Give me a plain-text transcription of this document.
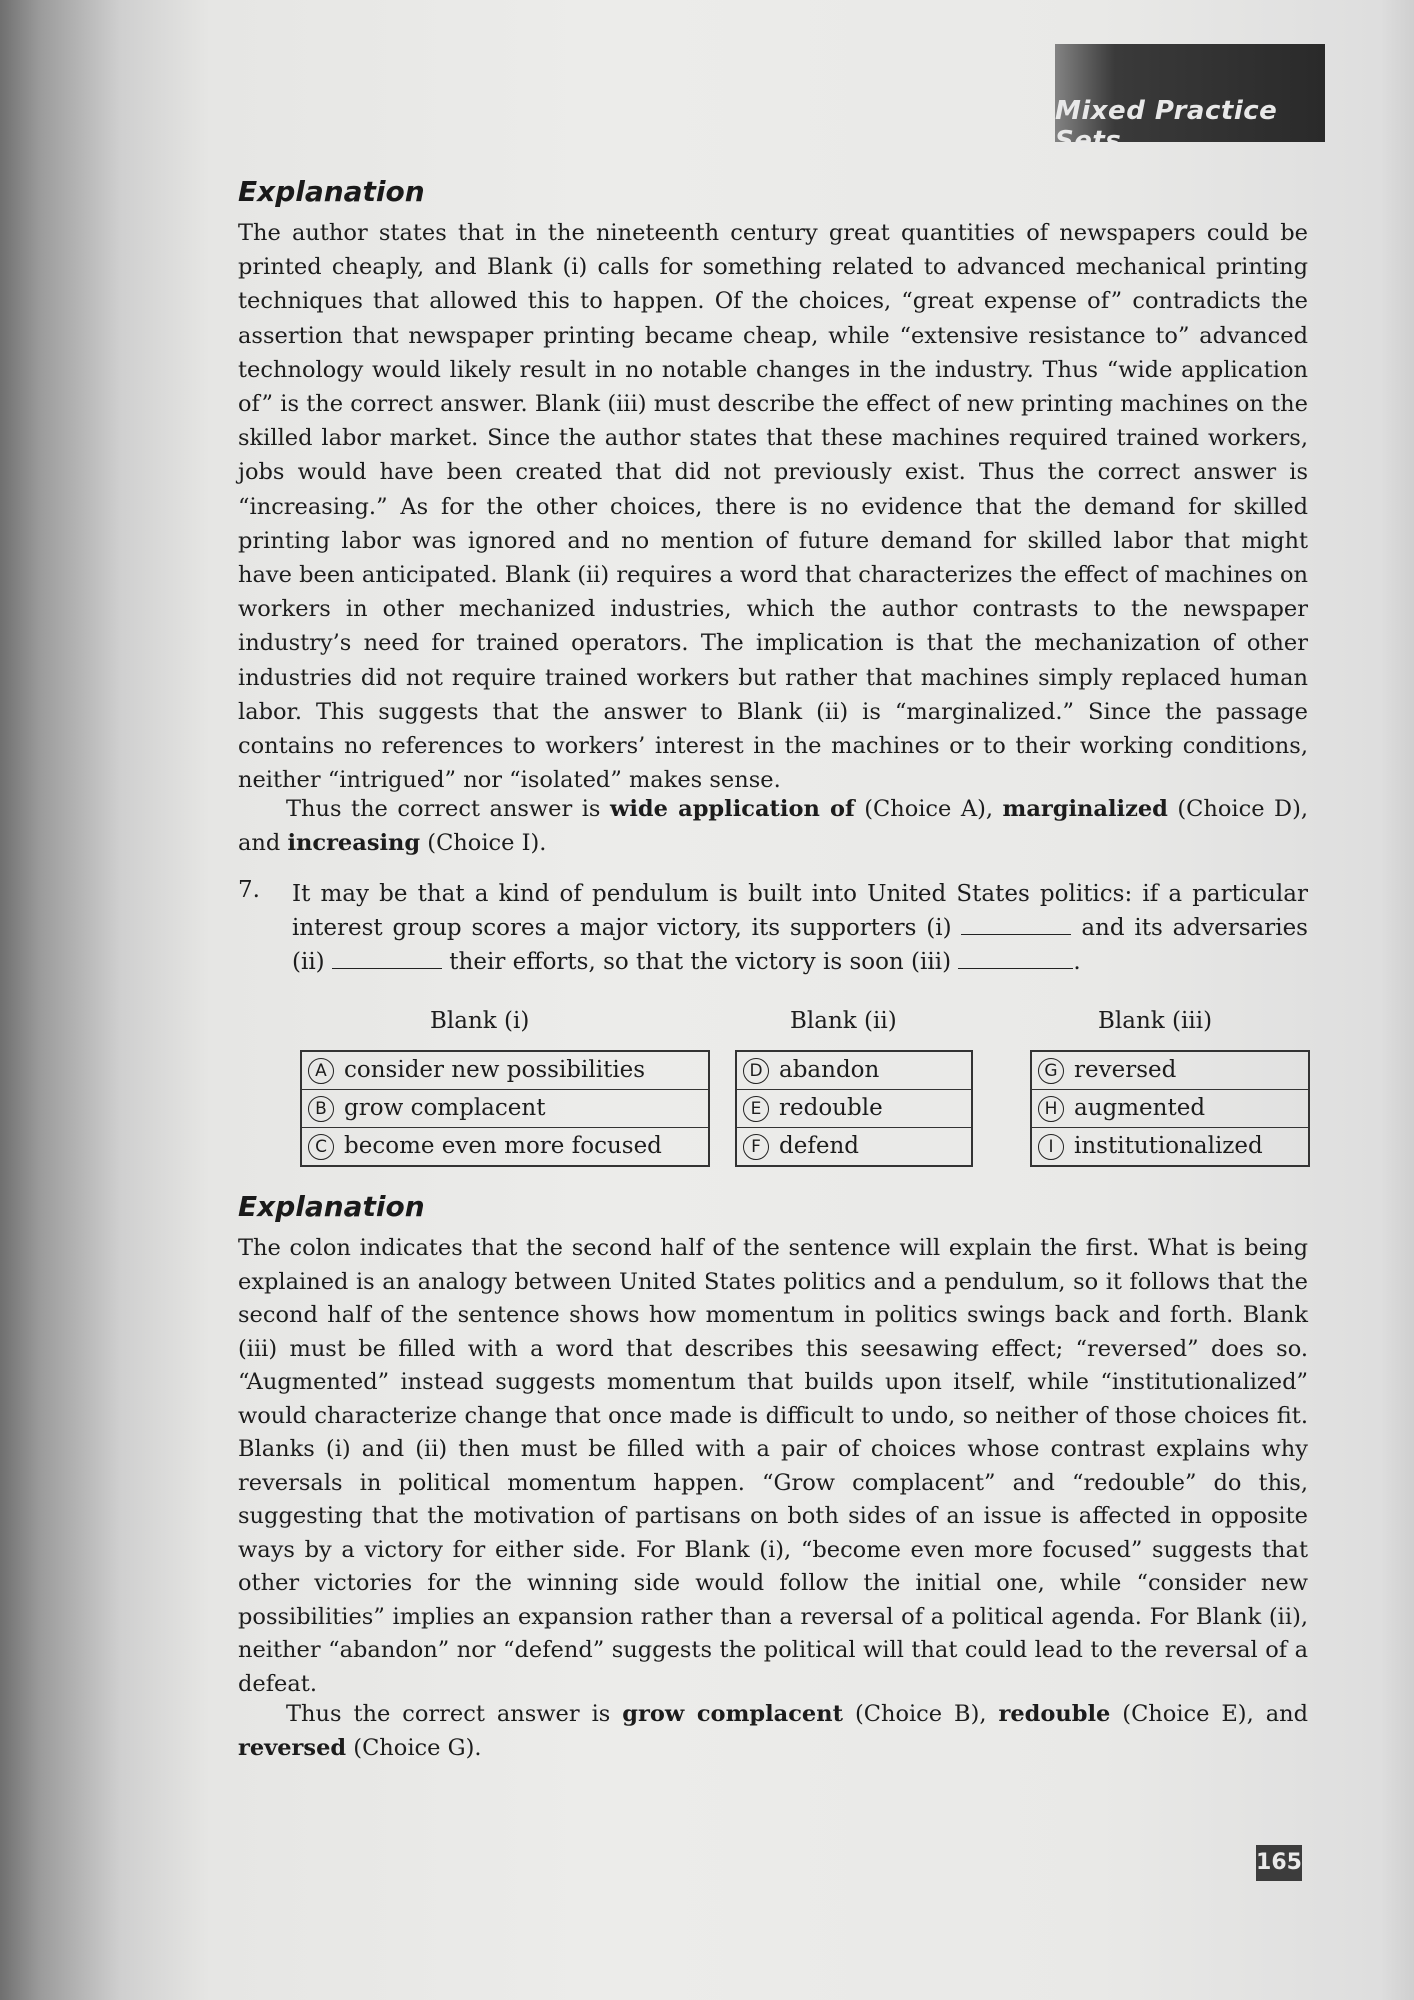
Mixed Practice Sets
Explanation
The author states that in the nineteenth century great quantities of newspapers could be printed cheaply, and Blank (i) calls for something related to advanced mechanical printing techniques that allowed this to happen. Of the choices, “great expense of” contradicts the assertion that newspaper printing became cheap, while “extensive resistance to” advanced technology would likely result in no notable changes in the industry. Thus “wide application of” is the correct answer. Blank (iii) must describe the effect of new printing machines on the skilled labor market. Since the author states that these machines required trained workers, jobs would have been created that did not previously exist. Thus the correct answer is “increasing.” As for the other choices, there is no evidence that the demand for skilled printing labor was ignored and no mention of future demand for skilled labor that might have been anticipated. Blank (ii) requires a word that characterizes the effect of machines on workers in other mechanized industries, which the author contrasts to the newspaper industry’s need for trained operators. The implication is that the mechanization of other industries did not require trained workers but rather that machines simply replaced human labor. This suggests that the answer to Blank (ii) is “marginalized.” Since the passage contains no references to workers’ interest in the machines or to their working conditions, neither “intrigued” nor “isolated” makes sense.
Thus the correct answer is wide application of (Choice A), marginalized (Choice D), and increasing (Choice I).
7. It may be that a kind of pendulum is built into United States politics: if a particular interest group scores a major victory, its supporters (i)	and its adversaries (ii)	their efforts, so that the victory is soon (iii)	.
Blank (i)	Blank (ii)	Blank (iii)
A consider new possibilities
B grow complacent
C become even more focused
D abandon
E redouble
F defend
G reversed
H augmented
I institutionalized
Explanation
The colon indicates that the second half of the sentence will explain the first. What is being explained is an analogy between United States politics and a pendulum, so it follows that the second half of the sentence shows how momentum in politics swings back and forth. Blank (iii) must be filled with a word that describes this seesawing effect; “reversed” does so. “Augmented” instead suggests momentum that builds upon itself, while “institutionalized” would characterize change that once made is difficult to undo, so neither of those choices fit. Blanks (i) and (ii) then must be filled with a pair of choices whose contrast explains why reversals in political momentum happen. “Grow complacent” and “redouble” do this, suggesting that the motivation of partisans on both sides of an issue is affected in opposite ways by a victory for either side. For Blank (i), “become even more focused” suggests that other victories for the winning side would follow the initial one, while “consider new possibilities” implies an expansion rather than a reversal of a political agenda. For Blank (ii), neither “abandon” nor “defend” suggests the political will that could lead to the reversal of a defeat.
Thus the correct answer is grow complacent (Choice B), redouble (Choice E), and reversed (Choice G).
165
